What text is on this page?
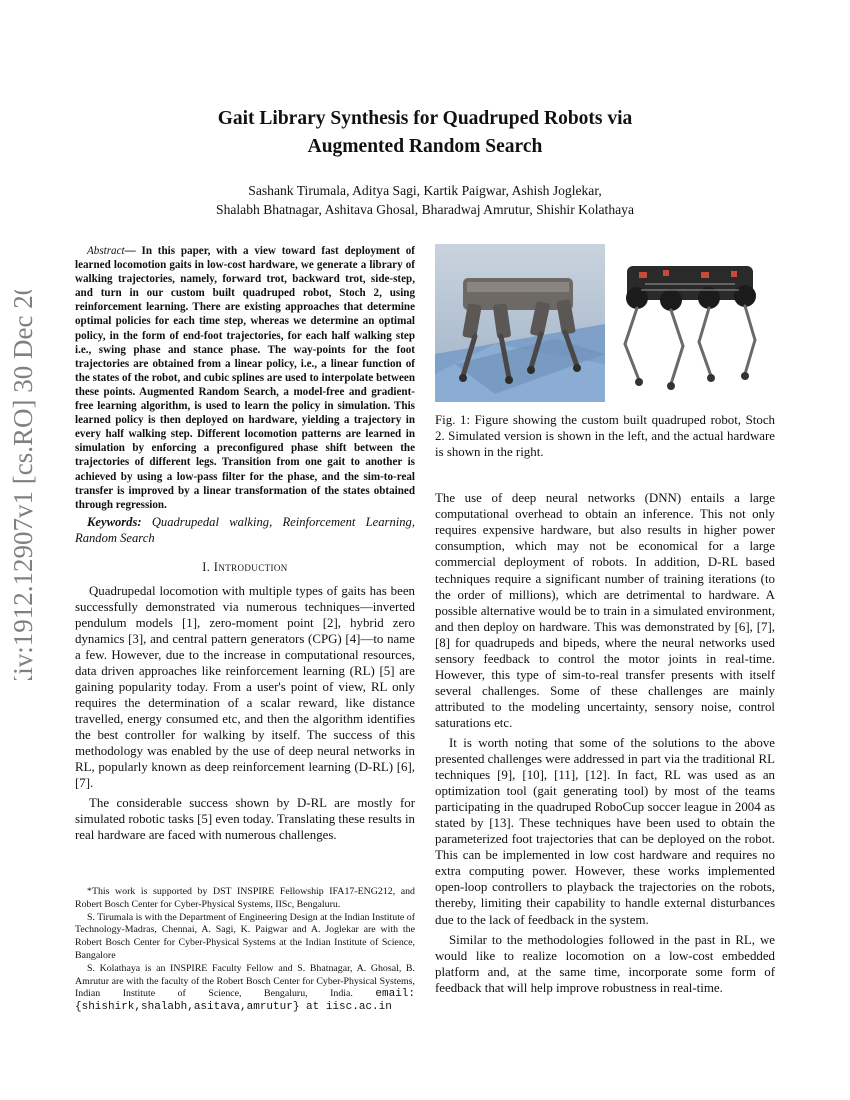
arXiv:1912.12907v1 [cs.RO] 30 Dec 2019
Gait Library Synthesis for Quadruped Robots via
Augmented Random Search
Sashank Tirumala, Aditya Sagi, Kartik Paigwar, Ashish Joglekar,
Shalabh Bhatnagar, Ashitava Ghosal, Bharadwaj Amrutur, Shishir Kolathaya

Abstract— In this paper, with a view toward fast deployment of learned locomotion gaits in low-cost hardware, we generate a library of walking trajectories, namely, forward trot, backward trot, side-step, and turn in our custom built quadruped robot, Stoch 2, using reinforcement learning. There are existing approaches that determine optimal policies for each time step, whereas we determine an optimal policy, in the form of end-foot trajectories, for each half walking step i.e., swing phase and stance phase. The way-points for the foot trajectories are obtained from a linear policy, i.e., a linear function of the states of the robot, and cubic splines are used to interpolate between these points. Augmented Random Search, a model-free and gradient-free learning algorithm, is used to learn the policy in simulation. This learned policy is then deployed on hardware, yielding a trajectory in every half walking step. Different locomotion patterns are learned in simulation by enforcing a preconfigured phase shift between the trajectories of different legs. Transition from one gait to another is achieved by using a low-pass filter for the phase, and the sim-to-real transfer is improved by a linear transformation of the states obtained through regression.

Keywords: Quadrupedal walking, Reinforcement Learning, Random Search

I. Introduction

Quadrupedal locomotion with multiple types of gaits has been successfully demonstrated via numerous techniques—inverted pendulum models [1], zero-moment point [2], hybrid zero dynamics [3], and central pattern generators (CPG) [4]—to name a few. However, due to the increase in computational resources, data driven approaches like reinforcement learning (RL) [5] are gaining popularity today. From a user's point of view, RL only requires the determination of a scalar reward, like distance travelled, energy consumed etc, and then the algorithm identifies the best controller for walking by itself. The success of this methodology was enabled by the use of deep neural networks in RL, popularly known as deep reinforcement learning (D-RL) [6], [7].

The considerable success shown by D-RL are mostly for simulated robotic tasks [5] even today. Translating these results in real hardware are faced with numerous challenges.

*This work is supported by DST INSPIRE Fellowship IFA17-ENG212, and Robert Bosch Center for Cyber-Physical Systems, IISc, Bengaluru.

S. Tirumala is with the Department of Engineering Design at the Indian Institute of Technology-Madras, Chennai, A. Sagi, K. Paigwar and A. Joglekar are with the Robert Bosch Center for Cyber-Physical Systems at the Indian Institute of Science, Bangalore

S. Kolathaya is an INSPIRE Faculty Fellow and S. Bhatnagar, A. Ghosal, B. Amrutur are with the faculty of the Robert Bosch Center for Cyber-Physical Systems, Indian Institute of Science, Bengaluru, India. email: {shishirk,shalabh,asitava,amrutur} at iisc.ac.in

Fig. 1: Figure showing the custom built quadruped robot, Stoch 2. Simulated version is shown in the left, and the actual hardware is shown in the right.

The use of deep neural networks (DNN) entails a large computational overhead to obtain an inference. This not only requires expensive hardware, but also results in higher power consumption, which may not be economical for a large commercial deployment of robots. In addition, D-RL based techniques require a significant number of training iterations (to the order of millions), which are detrimental to hardware. A possible alternative would be to train in a simulated environment, and then deploy on hardware. This was demonstrated by [6], [7], [8] for quadrupeds and bipeds, where the neural networks used sensory feedback to control the motor joints in real-time. However, this type of sim-to-real transfer presents with itself several challenges. Some of these challenges are mainly attributed to the modeling uncertainty, sensory noise, control saturations etc.

It is worth noting that some of the solutions to the above presented challenges were addressed in part via the traditional RL techniques [9], [10], [11], [12]. In fact, RL was used as an optimization tool (gait generating tool) by most of the teams participating in the quadruped RoboCup soccer league in 2004 as stated by [13]. These techniques have been used to obtain the parameterized foot trajectories that can be deployed on the robot. This can be implemented in low cost hardware and requires no extra computing power. However, these works implemented open-loop controllers to playback the trajectories on the robots, thereby, limiting their capability to handle external disturbances due to the lack of feedback in the system.

Similar to the methodologies followed in the past in RL, we would like to realize locomotion on a low-cost embedded platform and, at the same time, incorporate some form of feedback that will help improve robustness in real-time.
